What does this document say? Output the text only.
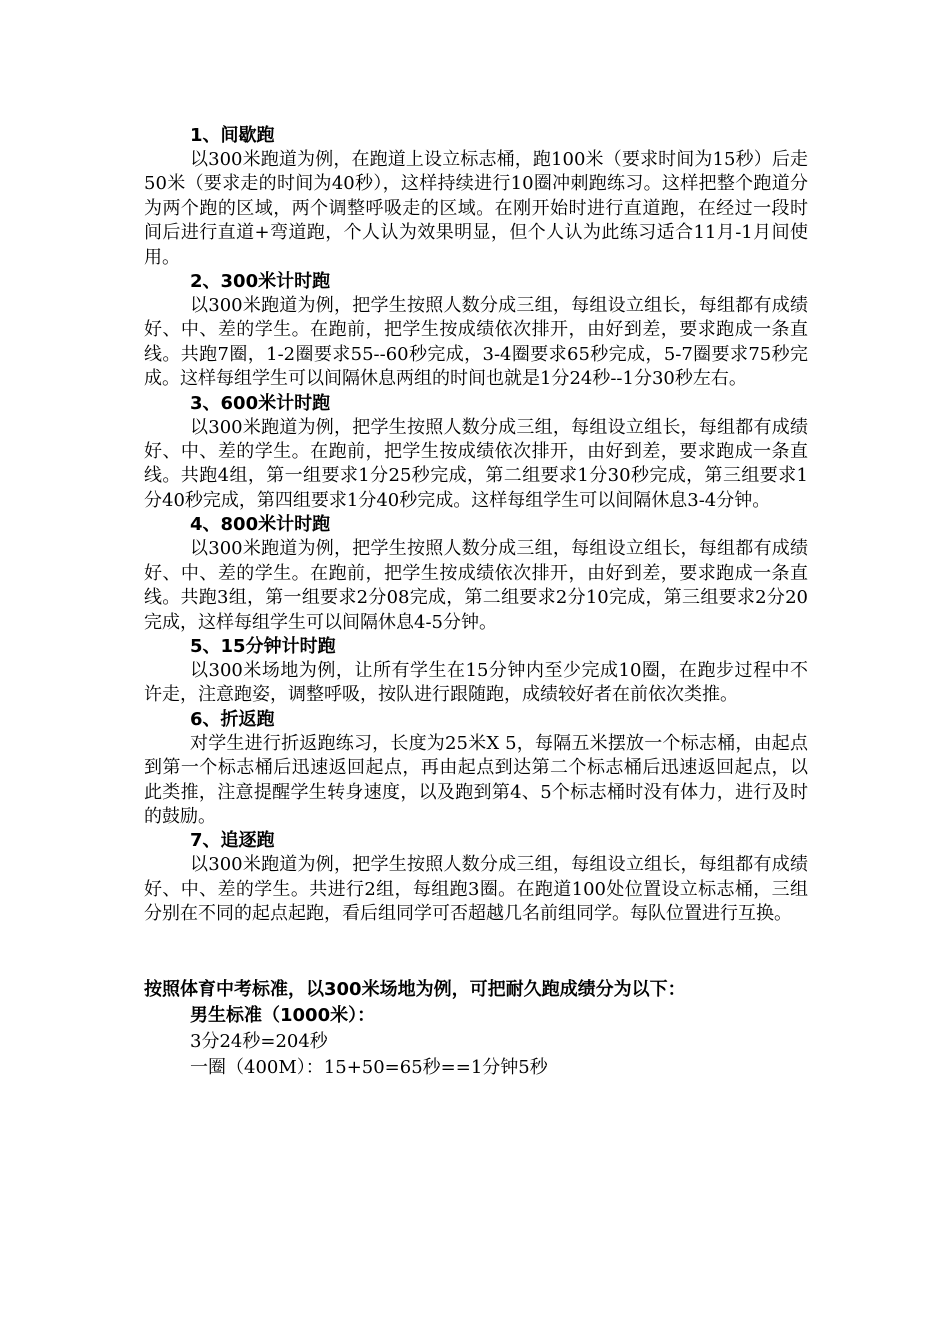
1、间歇跑

以300米跑道为例，在跑道上设立标志桶，跑100米（要求时间为15秒）后走50米（要求走的时间为40秒），这样持续进行10圈冲刺跑练习。这样把整个跑道分为两个跑的区域，两个调整呼吸走的区域。在刚开始时进行直道跑，在经过一段时间后进行直道+弯道跑，个人认为效果明显，但个人认为此练习适合11月-1月间使用。

2、300米计时跑

以300米跑道为例，把学生按照人数分成三组，每组设立组长，每组都有成绩好、中、差的学生。在跑前，把学生按成绩依次排开，由好到差，要求跑成一条直线。共跑7圈，1-2圈要求55--60秒完成，3-4圈要求65秒完成，5-7圈要求75秒完成。这样每组学生可以间隔休息两组的时间也就是1分24秒--1分30秒左右。

3、600米计时跑

以300米跑道为例，把学生按照人数分成三组，每组设立组长，每组都有成绩好、中、差的学生。在跑前，把学生按成绩依次排开，由好到差，要求跑成一条直线。共跑4组，第一组要求1分25秒完成，第二组要求1分30秒完成，第三组要求1分40秒完成，第四组要求1分40秒完成。这样每组学生可以间隔休息3-4分钟。

4、800米计时跑

以300米跑道为例，把学生按照人数分成三组，每组设立组长，每组都有成绩好、中、差的学生。在跑前，把学生按成绩依次排开，由好到差，要求跑成一条直线。共跑3组，第一组要求2分08完成，第二组要求2分10完成，第三组要求2分20完成，这样每组学生可以间隔休息4-5分钟。

5、15分钟计时跑

以300米场地为例，让所有学生在15分钟内至少完成10圈，在跑步过程中不许走，注意跑姿，调整呼吸，按队进行跟随跑，成绩较好者在前依次类推。

6、折返跑

对学生进行折返跑练习，长度为25米X 5，每隔五米摆放一个标志桶，由起点到第一个标志桶后迅速返回起点，再由起点到达第二个标志桶后迅速返回起点，以此类推，注意提醒学生转身速度，以及跑到第4、5个标志桶时没有体力，进行及时的鼓励。

7、追逐跑

以300米跑道为例，把学生按照人数分成三组，每组设立组长，每组都有成绩好、中、差的学生。共进行2组，每组跑3圈。在跑道100处位置设立标志桶，三组分别在不同的起点起跑，看后组同学可否超越几名前组同学。每队位置进行互换。

按照体育中考标准，以300米场地为例，可把耐久跑成绩分为以下：
男生标准（1000米）：
3分24秒=204秒
一圈（400M）：15+50=65秒==1分钟5秒
